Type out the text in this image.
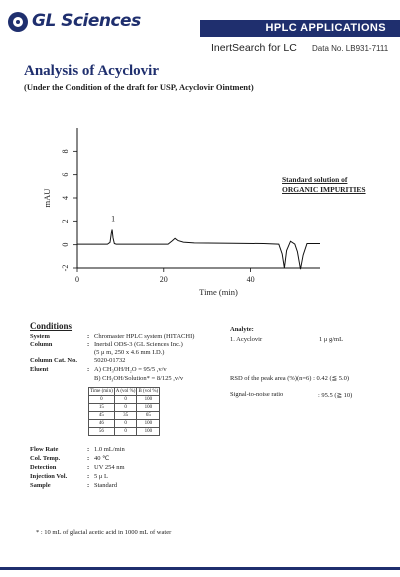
GL Sciences	HPLC APPLICATIONS
InertSearch for LC Data No. LB931-7111
Analysis of Acyclovir
(Under the Condition of the draft for USP, Acyclovir Ointment)
-2
0
2
4
6
8
0	20	40
1
mAU
Time (min)
Standard solution of
ORGANIC IMPURITIES
Conditions
System	: Chromaster HPLC system (HITACHI)
Column	: Inertsil ODS-3 (GL Sciences Inc.)
(5 μ m, 250 x 4.6 mm I.D.)
Column Cat. No.	5020-01732
Eluent	: A) CH₃OH/H₂O = 95/5 ,v/v
B) CH₃OH/Solution* = 8/125 ,v/v
Time (min)	A (vol %)	B (vol %)
0	0	100
15	0	100
45	35	65
46	0	100
56	0	100
Flow Rate	: 1.0 mL/min
Col. Temp.	: 40 ℃
Detection	: UV 254 nm
Injection Vol.	: 5 μ L
Sample	: Standard
Analyte:
1. Acyclovir	1 μ g/mL
RSD of the peak area (%)(n=6) : 0.42 (≦ 5.0)
Signal-to-noise ratio	: 95.5 (≧ 10)
* : 10 mL of glacial acetic acid in 1000 mL of water
